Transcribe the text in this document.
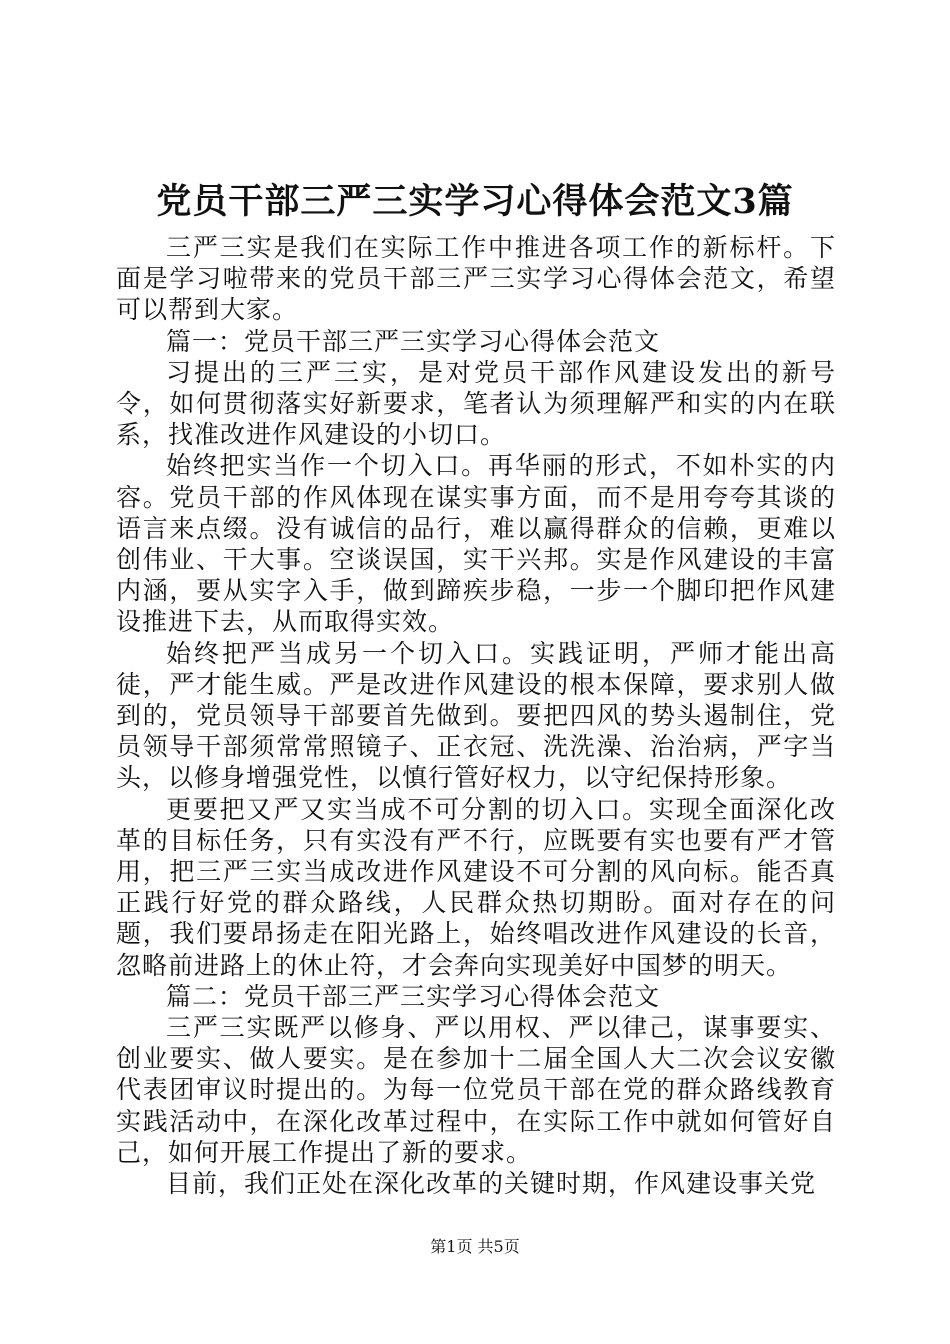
党员干部三严三实学习心得体会范文3篇

三严三实是我们在实际工作中推进各项工作的新标杆。下面是学习啦带来的党员干部三严三实学习心得体会范文，希望可以帮到大家。

篇一：党员干部三严三实学习心得体会范文

习提出的三严三实，是对党员干部作风建设发出的新号令，如何贯彻落实好新要求，笔者认为须理解严和实的内在联系，找准改进作风建设的小切口。

始终把实当作一个切入口。再华丽的形式，不如朴实的内容。党员干部的作风体现在谋实事方面，而不是用夸夸其谈的语言来点缀。没有诚信的品行，难以赢得群众的信赖，更难以创伟业、干大事。空谈误国，实干兴邦。实是作风建设的丰富内涵，要从实字入手，做到蹄疾步稳，一步一个脚印把作风建设推进下去，从而取得实效。

始终把严当成另一个切入口。实践证明，严师才能出高徒，严才能生威。严是改进作风建设的根本保障，要求别人做到的，党员领导干部要首先做到。要把四风的势头遏制住，党员领导干部须常常照镜子、正衣冠、洗洗澡、治治病，严字当头，以修身增强党性，以慎行管好权力，以守纪保持形象。

更要把又严又实当成不可分割的切入口。实现全面深化改革的目标任务，只有实没有严不行，应既要有实也要有严才管用，把三严三实当成改进作风建设不可分割的风向标。能否真正践行好党的群众路线，人民群众热切期盼。面对存在的问题，我们要昂扬走在阳光路上，始终唱改进作风建设的长音，忽略前进路上的休止符，才会奔向实现美好中国梦的明天。

篇二：党员干部三严三实学习心得体会范文

三严三实既严以修身、严以用权、严以律己，谋事要实、创业要实、做人要实。是在参加十二届全国人大二次会议安徽代表团审议时提出的。为每一位党员干部在党的群众路线教育实践活动中，在深化改革过程中，在实际工作中就如何管好自己，如何开展工作提出了新的要求。

目前，我们正处在深化改革的关键时期，作风建设事关党

第1页 共5页
